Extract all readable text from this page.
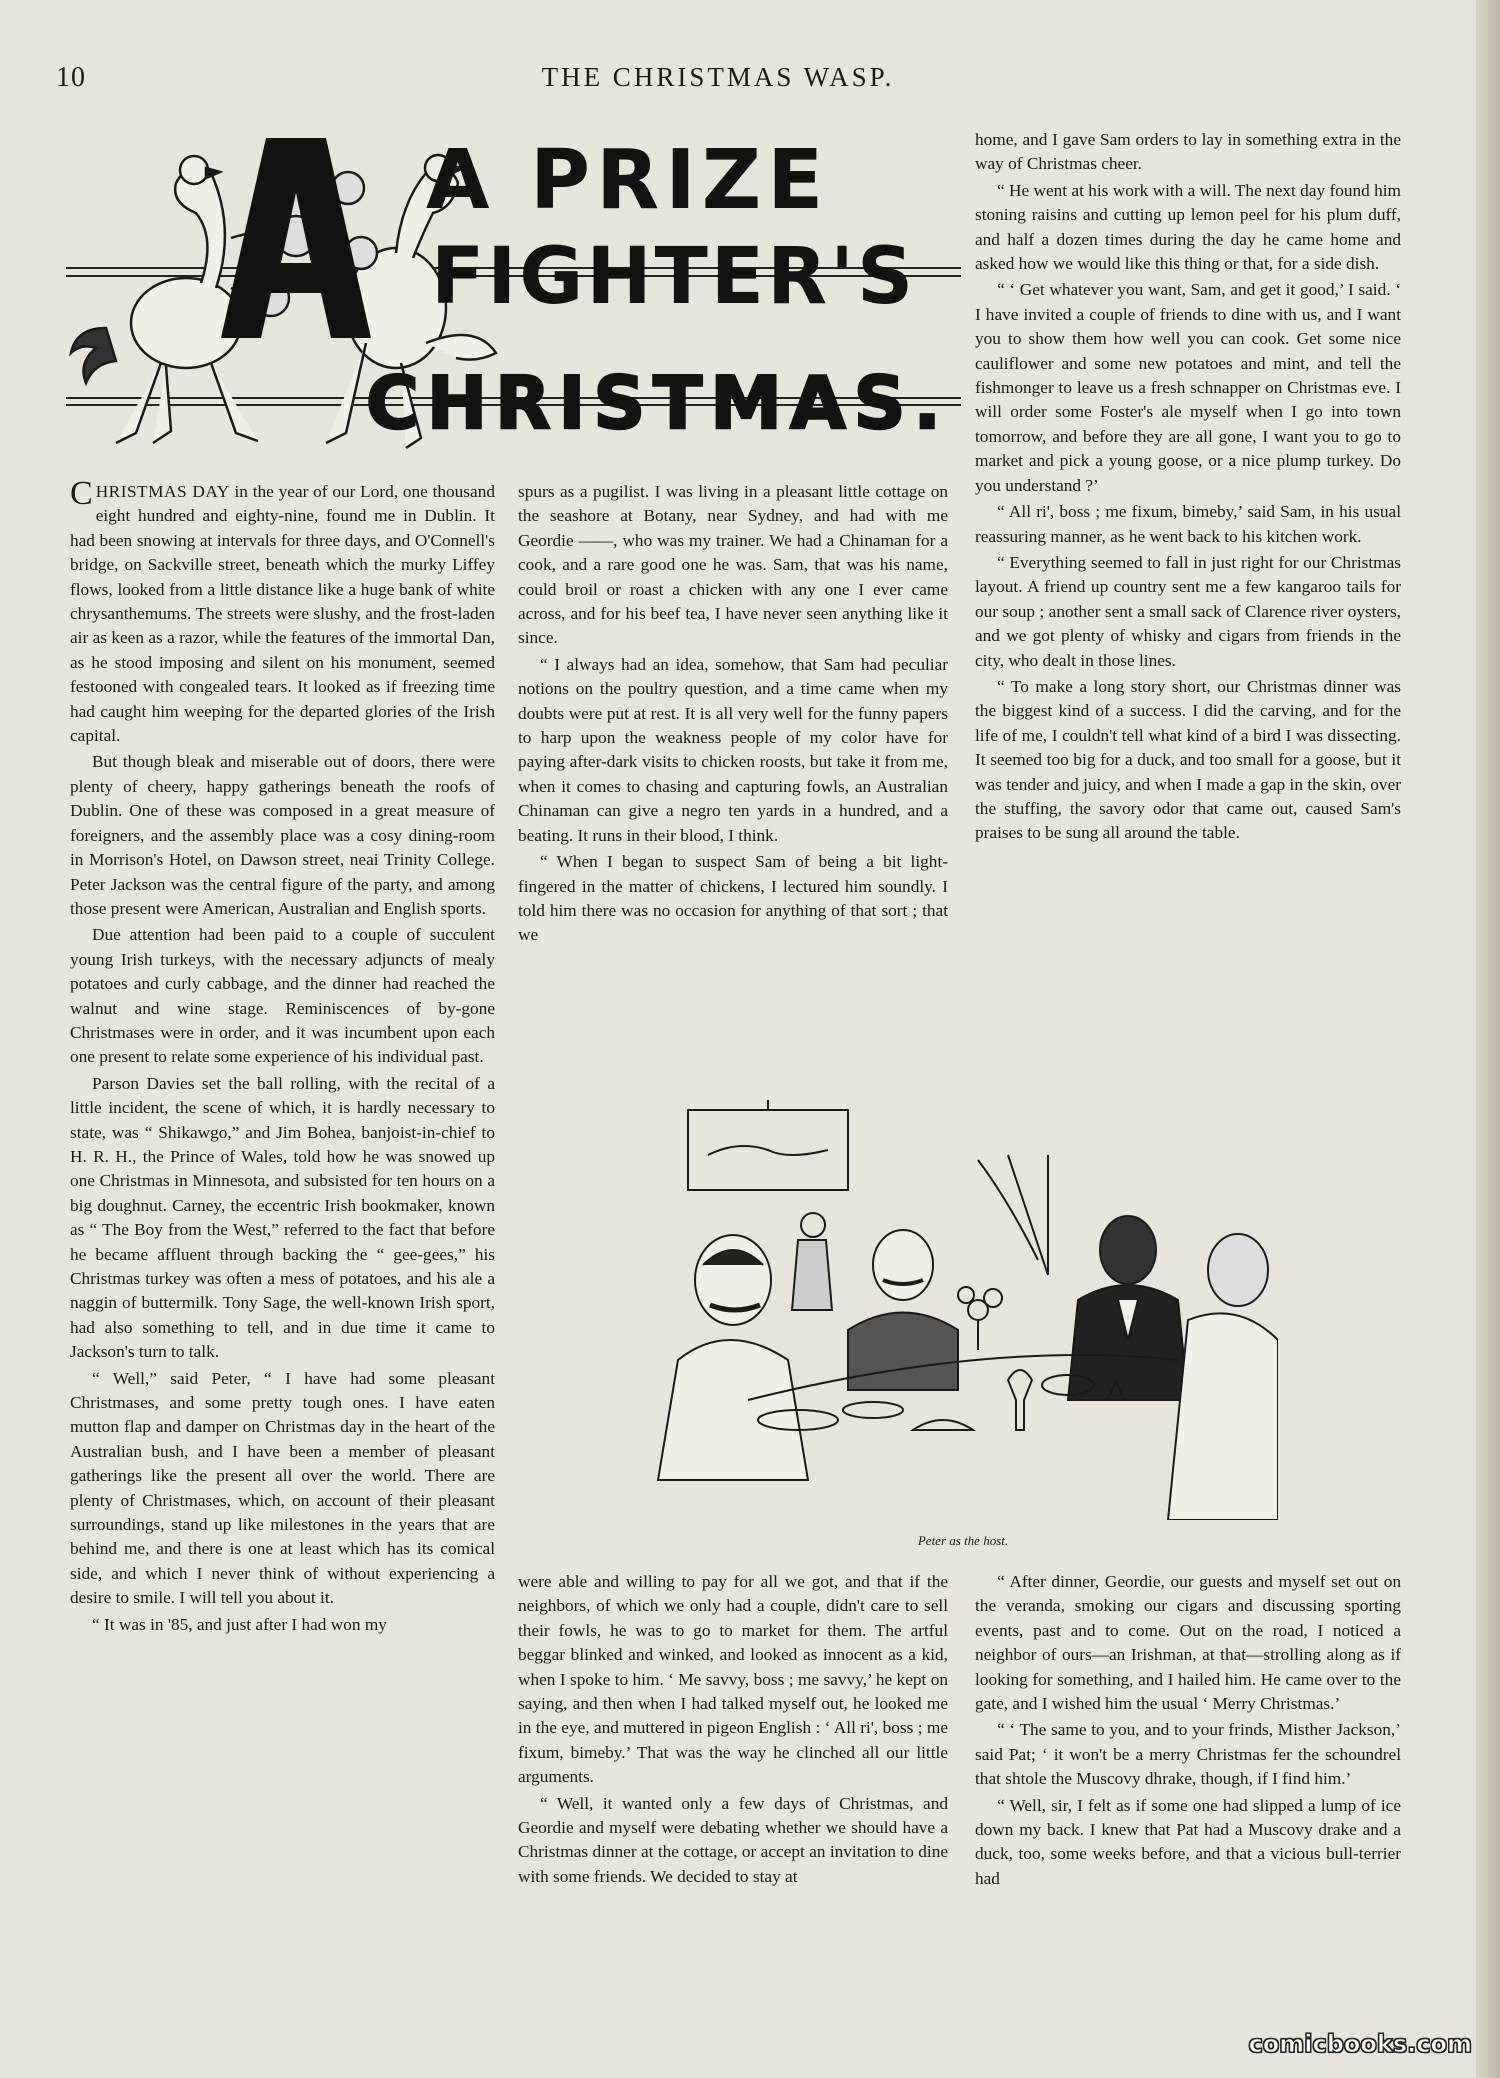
10	THE CHRISTMAS WASP.
A PRIZE
FIGHTER'S
CHRISTMAS.

CHRISTMAS DAY in the year of our Lord, one thousand eight hundred and eighty-nine, found me in Dublin. It had been snowing at intervals for three days, and O'Connell's bridge, on Sackville street, beneath which the murky Liffey flows, looked from a little distance like a huge bank of white chrysanthemums. The streets were slushy, and the frost-laden air as keen as a razor, while the features of the immortal Dan, as he stood imposing and silent on his monument, seemed festooned with congealed tears. It looked as if freezing time had caught him weeping for the departed glories of the Irish capital.

But though bleak and miserable out of doors, there were plenty of cheery, happy gatherings beneath the roofs of Dublin. One of these was composed in a great measure of foreigners, and the assembly place was a cosy dining-room in Morrison's Hotel, on Dawson street, neai Trinity College. Peter Jackson was the central figure of the party, and among those present were American, Australian and English sports.

Due attention had been paid to a couple of succulent young Irish turkeys, with the necessary adjuncts of mealy potatoes and curly cabbage, and the dinner had reached the walnut and wine stage. Reminiscences of by-gone Christmases were in order, and it was incumbent upon each one present to relate some experience of his individual past.

Parson Davies set the ball rolling, with the recital of a little incident, the scene of which, it is hardly necessary to state, was “ Shikawgo,” and Jim Bohea, banjoist-in-chief to H. R. H., the Prince of Wales, told how he was snowed up one Christmas in Minnesota, and subsisted for ten hours on a big doughnut. Carney, the eccentric Irish bookmaker, known as “ The Boy from the West,” referred to the fact that before he became affluent through backing the “ gee-gees,” his Christmas turkey was often a mess of potatoes, and his ale a naggin of buttermilk. Tony Sage, the well-known Irish sport, had also something to tell, and in due time it came to Jackson's turn to talk.

“ Well,” said Peter, “ I have had some pleasant Christmases, and some pretty tough ones. I have eaten mutton flap and damper on Christmas day in the heart of the Australian bush, and I have been a member of pleasant gatherings like the present all over the world. There are plenty of Christmases, which, on account of their pleasant surroundings, stand up like milestones in the years that are behind me, and there is one at least which has its comical side, and which I never think of without experiencing a desire to smile. I will tell you about it.

“ It was in '85, and just after I had won my

spurs as a pugilist. I was living in a pleasant little cottage on the seashore at Botany, near Sydney, and had with me Geordie ——, who was my trainer. We had a Chinaman for a cook, and a rare good one he was. Sam, that was his name, could broil or roast a chicken with any one I ever came across, and for his beef tea, I have never seen anything like it since.

“ I always had an idea, somehow, that Sam had peculiar notions on the poultry question, and a time came when my doubts were put at rest. It is all very well for the funny papers to harp upon the weakness people of my color have for paying after-dark visits to chicken roosts, but take it from me, when it comes to chasing and capturing fowls, an Australian Chinaman can give a negro ten yards in a hundred, and a beating. It runs in their blood, I think.

“ When I began to suspect Sam of being a bit light-fingered in the matter of chickens, I lectured him soundly. I told him there was no occasion for anything of that sort ; that we

home, and I gave Sam orders to lay in something extra in the way of Christmas cheer.

“ He went at his work with a will. The next day found him stoning raisins and cutting up lemon peel for his plum duff, and half a dozen times during the day he came home and asked how we would like this thing or that, for a side dish.

“ ‘ Get whatever you want, Sam, and get it good,’ I said. ‘ I have invited a couple of friends to dine with us, and I want you to show them how well you can cook. Get some nice cauliflower and some new potatoes and mint, and tell the fishmonger to leave us a fresh schnapper on Christmas eve. I will order some Foster's ale myself when I go into town tomorrow, and before they are all gone, I want you to go to market and pick a young goose, or a nice plump turkey. Do you understand ?’

“ All ri', boss ; me fixum, bimeby,’ said Sam, in his usual reassuring manner, as he went back to his kitchen work.

“ Everything seemed to fall in just right for our Christmas layout. A friend up country sent me a few kangaroo tails for our soup ; another sent a small sack of Clarence river oysters, and we got plenty of whisky and cigars from friends in the city, who dealt in those lines.

“ To make a long story short, our Christmas dinner was the biggest kind of a success. I did the carving, and for the life of me, I couldn't tell what kind of a bird I was dissecting. It seemed too big for a duck, and too small for a goose, but it was tender and juicy, and when I made a gap in the skin, over the stuffing, the savory odor that came out, caused Sam's praises to be sung all around the table.

Peter as the host.

were able and willing to pay for all we got, and that if the neighbors, of which we only had a couple, didn't care to sell their fowls, he was to go to market for them. The artful beggar blinked and winked, and looked as innocent as a kid, when I spoke to him. ‘ Me savvy, boss ; me savvy,’ he kept on saying, and then when I had talked myself out, he looked me in the eye, and muttered in pigeon English : ‘ All ri', boss ; me fixum, bimeby.’ That was the way he clinched all our little arguments.

“ Well, it wanted only a few days of Christmas, and Geordie and myself were debating whether we should have a Christmas dinner at the cottage, or accept an invitation to dine with some friends. We decided to stay at

“ After dinner, Geordie, our guests and myself set out on the veranda, smoking our cigars and discussing sporting events, past and to come. Out on the road, I noticed a neighbor of ours—an Irishman, at that—strolling along as if looking for something, and I hailed him. He came over to the gate, and I wished him the usual ‘ Merry Christmas.’

“ ‘ The same to you, and to your frinds, Misther Jackson,’ said Pat; ‘ it won't be a merry Christmas fer the schoundrel that shtole the Muscovy dhrake, though, if I find him.’

“ Well, sir, I felt as if some one had slipped a lump of ice down my back. I knew that Pat had a Muscovy drake and a duck, too, some weeks before, and that a vicious bull-terrier had

comicbooks.com
